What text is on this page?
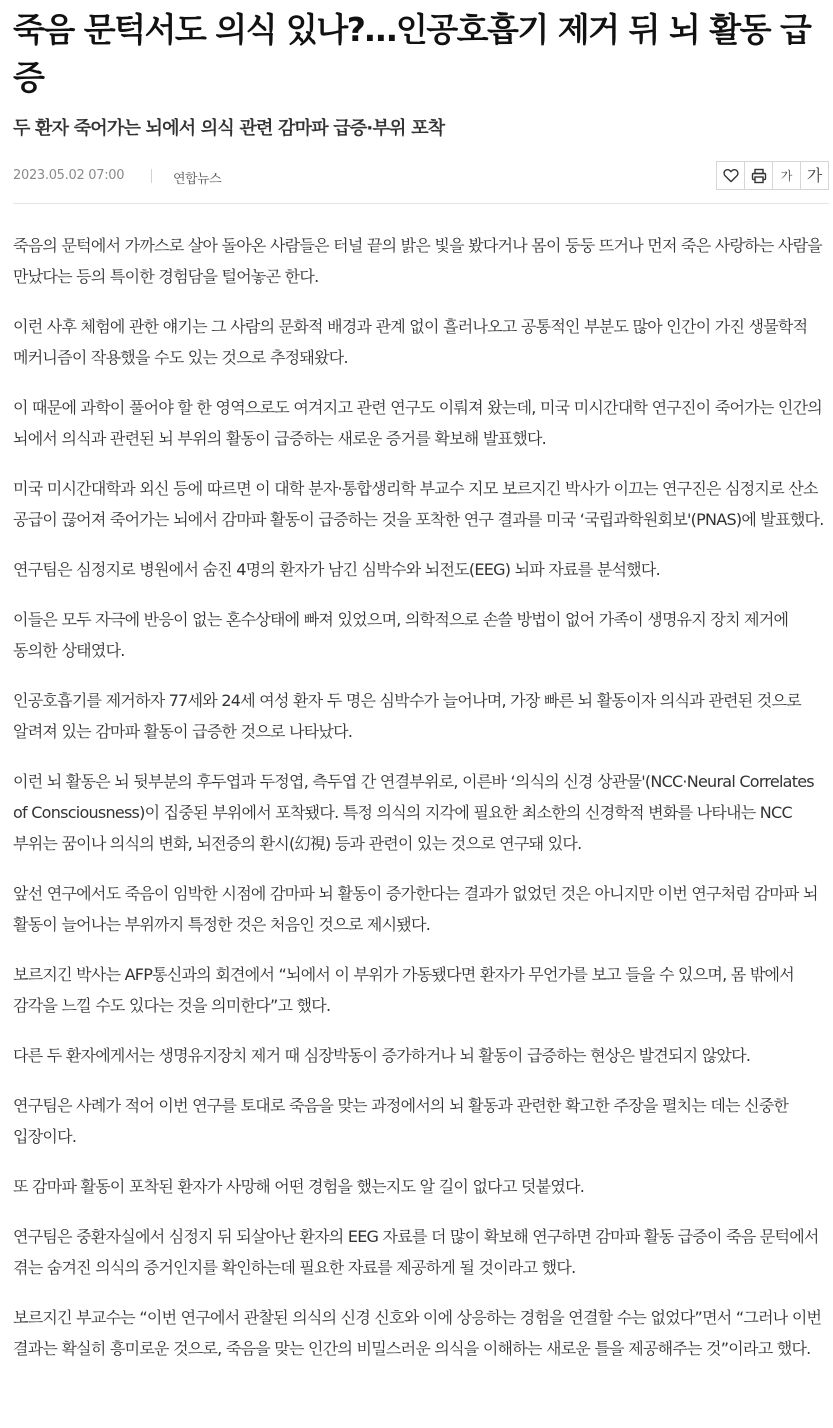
죽음 문턱서도 의식 있나?…인공호흡기 제거 뒤 뇌 활동 급증
두 환자 죽어가는 뇌에서 의식 관련 감마파 급증·부위 포착
2023.05.02 07:00	연합뉴스	가 가

죽음의 문턱에서 가까스로 살아 돌아온 사람들은 터널 끝의 밝은 빛을 봤다거나 몸이 둥둥 뜨거나 먼저 죽은 사랑하는 사람을 만났다는 등의 특이한 경험담을 털어놓곤 한다.

이런 사후 체험에 관한 얘기는 그 사람의 문화적 배경과 관계 없이 흘러나오고 공통적인 부분도 많아 인간이 가진 생물학적 메커니즘이 작용했을 수도 있는 것으로 추정돼왔다.

이 때문에 과학이 풀어야 할 한 영역으로도 여겨지고 관련 연구도 이뤄져 왔는데, 미국 미시간대학 연구진이 죽어가는 인간의 뇌에서 의식과 관련된 뇌 부위의 활동이 급증하는 새로운 증거를 확보해 발표했다.

미국 미시간대학과 외신 등에 따르면 이 대학 분자·통합생리학 부교수 지모 보르지긴 박사가 이끄는 연구진은 심정지로 산소 공급이 끊어져 죽어가는 뇌에서 감마파 활동이 급증하는 것을 포착한 연구 결과를 미국 ‘국립과학원회보'(PNAS)에 발표했다.

연구팀은 심정지로 병원에서 숨진 4명의 환자가 남긴 심박수와 뇌전도(EEG) 뇌파 자료를 분석했다.

이들은 모두 자극에 반응이 없는 혼수상태에 빠져 있었으며, 의학적으로 손쓸 방법이 없어 가족이 생명유지 장치 제거에 동의한 상태였다.

인공호흡기를 제거하자 77세와 24세 여성 환자 두 명은 심박수가 늘어나며, 가장 빠른 뇌 활동이자 의식과 관련된 것으로 알려져 있는 감마파 활동이 급증한 것으로 나타났다.

이런 뇌 활동은 뇌 뒷부분의 후두엽과 두정엽, 측두엽 간 연결부위로, 이른바 ‘의식의 신경 상관물'(NCC·Neural Correlates of Consciousness)이 집중된 부위에서 포착됐다. 특정 의식의 지각에 필요한 최소한의 신경학적 변화를 나타내는 NCC 부위는 꿈이나 의식의 변화, 뇌전증의 환시(幻視) 등과 관련이 있는 것으로 연구돼 있다.

앞선 연구에서도 죽음이 임박한 시점에 감마파 뇌 활동이 증가한다는 결과가 없었던 것은 아니지만 이번 연구처럼 감마파 뇌 활동이 늘어나는 부위까지 특정한 것은 처음인 것으로 제시됐다.

보르지긴 박사는 AFP통신과의 회견에서 “뇌에서 이 부위가 가동됐다면 환자가 무언가를 보고 들을 수 있으며, 몸 밖에서 감각을 느낄 수도 있다는 것을 의미한다”고 했다.

다른 두 환자에게서는 생명유지장치 제거 때 심장박동이 증가하거나 뇌 활동이 급증하는 현상은 발견되지 않았다.

연구팀은 사례가 적어 이번 연구를 토대로 죽음을 맞는 과정에서의 뇌 활동과 관련한 확고한 주장을 펼치는 데는 신중한 입장이다.

또 감마파 활동이 포착된 환자가 사망해 어떤 경험을 했는지도 알 길이 없다고 덧붙였다.

연구팀은 중환자실에서 심정지 뒤 되살아난 환자의 EEG 자료를 더 많이 확보해 연구하면 감마파 활동 급증이 죽음 문턱에서 겪는 숨겨진 의식의 증거인지를 확인하는데 필요한 자료를 제공하게 될 것이라고 했다.

보르지긴 부교수는 “이번 연구에서 관찰된 의식의 신경 신호와 이에 상응하는 경험을 연결할 수는 없었다”면서 “그러나 이번 결과는 확실히 흥미로운 것으로, 죽음을 맞는 인간의 비밀스러운 의식을 이해하는 새로운 틀을 제공해주는 것”이라고 했다.
